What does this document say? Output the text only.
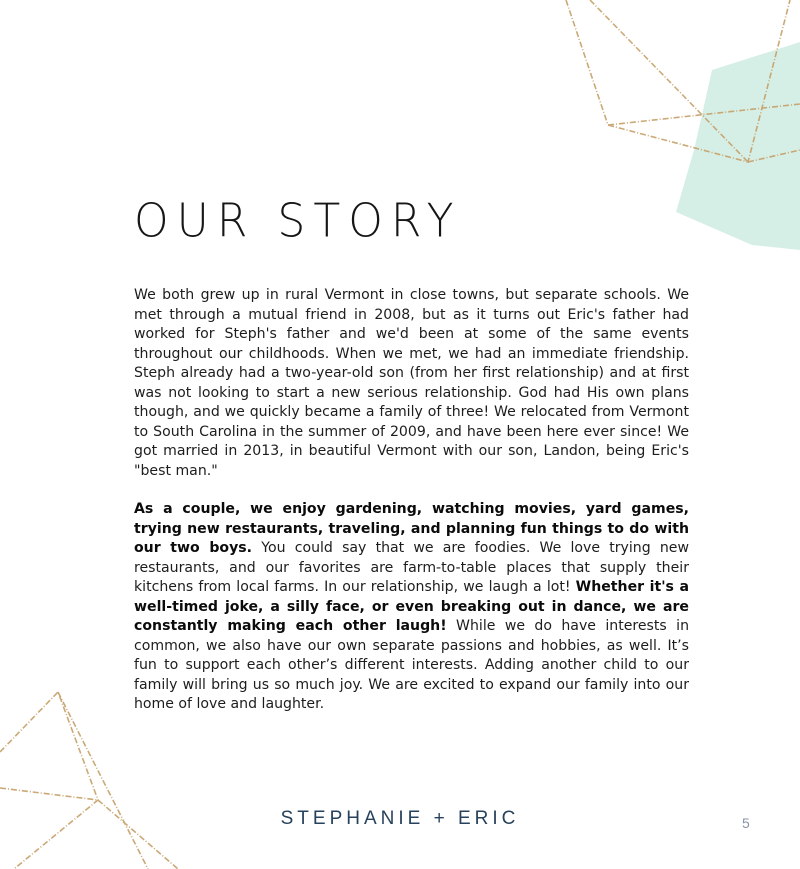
OUR STORY

We both grew up in rural Vermont in close towns, but separate schools. We met through a mutual friend in 2008, but as it turns out Eric's father had worked for Steph's father and we'd been at some of the same events throughout our childhoods. When we met, we had an immediate friendship. Steph already had a two-year-old son (from her first relationship) and at first was not looking to start a new serious relationship. God had His own plans though, and we quickly became a family of three! We relocated from Vermont to South Carolina in the summer of 2009, and have been here ever since! We got married in 2013, in beautiful Vermont with our son, Landon, being Eric's "best man."

As a couple, we enjoy gardening, watching movies, yard games, trying new restaurants, traveling, and planning fun things to do with our two boys. You could say that we are foodies. We love trying new restaurants, and our favorites are farm-to-table places that supply their kitchens from local farms. In our relationship, we laugh a lot! Whether it's a well-timed joke, a silly face, or even breaking out in dance, we are constantly making each other laugh! While we do have interests in common, we also have our own separate passions and hobbies, as well. It’s fun to support each other’s different interests. Adding another child to our family will bring us so much joy. We are excited to expand our family into our home of love and laughter.

STEPHANIE + ERIC	5
